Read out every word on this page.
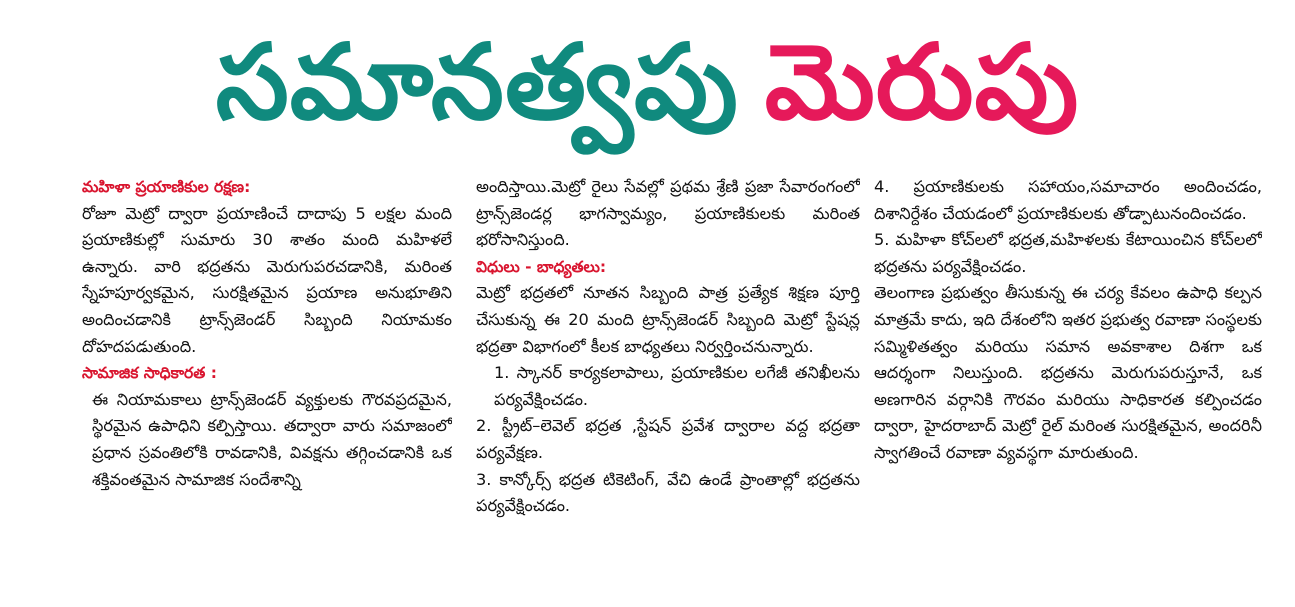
సమానత్వపు మెరుపు

మహిళా ప్రయాణికుల రక్షణ:

రోజూ మెట్రో ద్వారా ప్రయాణించే దాదాపు 5 లక్షల మంది ప్రయాణికుల్లో సుమారు 30 శాతం మంది మహిళలే ఉన్నారు. వారి భద్రతను మెరుగుపరచడానికి, మరింత స్నేహపూర్వకమైన, సురక్షితమైన ప్రయాణ అనుభూతిని అందించడానికి ట్రాన్స్‌జెండర్ సిబ్బంది నియామకం దోహదపడుతుంది.

సామాజిక సాధికారత :

ఈ నియామకాలు ట్రాన్స్‌జెండర్ వ్యక్తులకు గౌరవప్రదమైన, స్థిరమైన ఉపాధిని కల్పిస్తాయి. తద్వారా వారు సమాజంలో ప్రధాన స్రవంతిలోకి రావడానికి, వివక్షను తగ్గించడానికి ఒక శక్తివంతమైన సామాజిక సందేశాన్ని

అందిస్తాయి.మెట్రో రైలు సేవల్లో ప్రథమ శ్రేణి ప్రజా సేవారంగంలో ట్రాన్స్‌జెండర్ల భాగస్వామ్యం, ప్రయాణికులకు మరింత భరోసానిస్తుంది.

విధులు - బాధ్యతలు:

మెట్రో భద్రతలో నూతన సిబ్బంది పాత్ర ప్రత్యేక శిక్షణ పూర్తి చేసుకున్న ఈ 20 మంది ట్రాన్స్‌జెండర్ సిబ్బంది మెట్రో స్టేషన్ల భద్రతా విభాగంలో కీలక బాధ్యతలు నిర్వర్తించనున్నారు.

1. స్కానర్ కార్యకలాపాలు, ప్రయాణికుల లగేజీ తనిఖీలను పర్యవేక్షించడం.

2. స్ట్రీట్–లెవెల్ భద్రత ,స్టేషన్ ప్రవేశ ద్వారాల వద్ద భద్రతా పర్యవేక్షణ.

3. కాన్కోర్స్ భద్రత టికెటింగ్, వేచి ఉండే ప్రాంతాల్లో భద్రతను పర్యవేక్షించడం.

4. ప్రయాణికులకు సహాయం,సమాచారం అందించడం, దిశానిర్దేశం చేయడంలో ప్రయాణికులకు తోడ్పాటునందించడం.

5. మహిళా కోచ్‌లలో భద్రత,మహిళలకు కేటాయించిన కోచ్‌లలో భద్రతను పర్యవేక్షించడం.

తెలంగాణ ప్రభుత్వం తీసుకున్న ఈ చర్య కేవలం ఉపాధి కల్పన మాత్రమే కాదు, ఇది దేశంలోని ఇతర ప్రభుత్వ రవాణా సంస్థలకు సమ్మిళితత్వం మరియు సమాన అవకాశాల దిశగా ఒక ఆదర్శంగా నిలుస్తుంది. భద్రతను మెరుగుపరుస్తూనే, ఒక అణగారిన వర్గానికి గౌరవం మరియు సాధికారత కల్పించడం ద్వారా, హైదరాబాద్ మెట్రో రైల్ మరింత సురక్షితమైన, అందరినీ స్వాగతించే రవాణా వ్యవస్థగా మారుతుంది.
